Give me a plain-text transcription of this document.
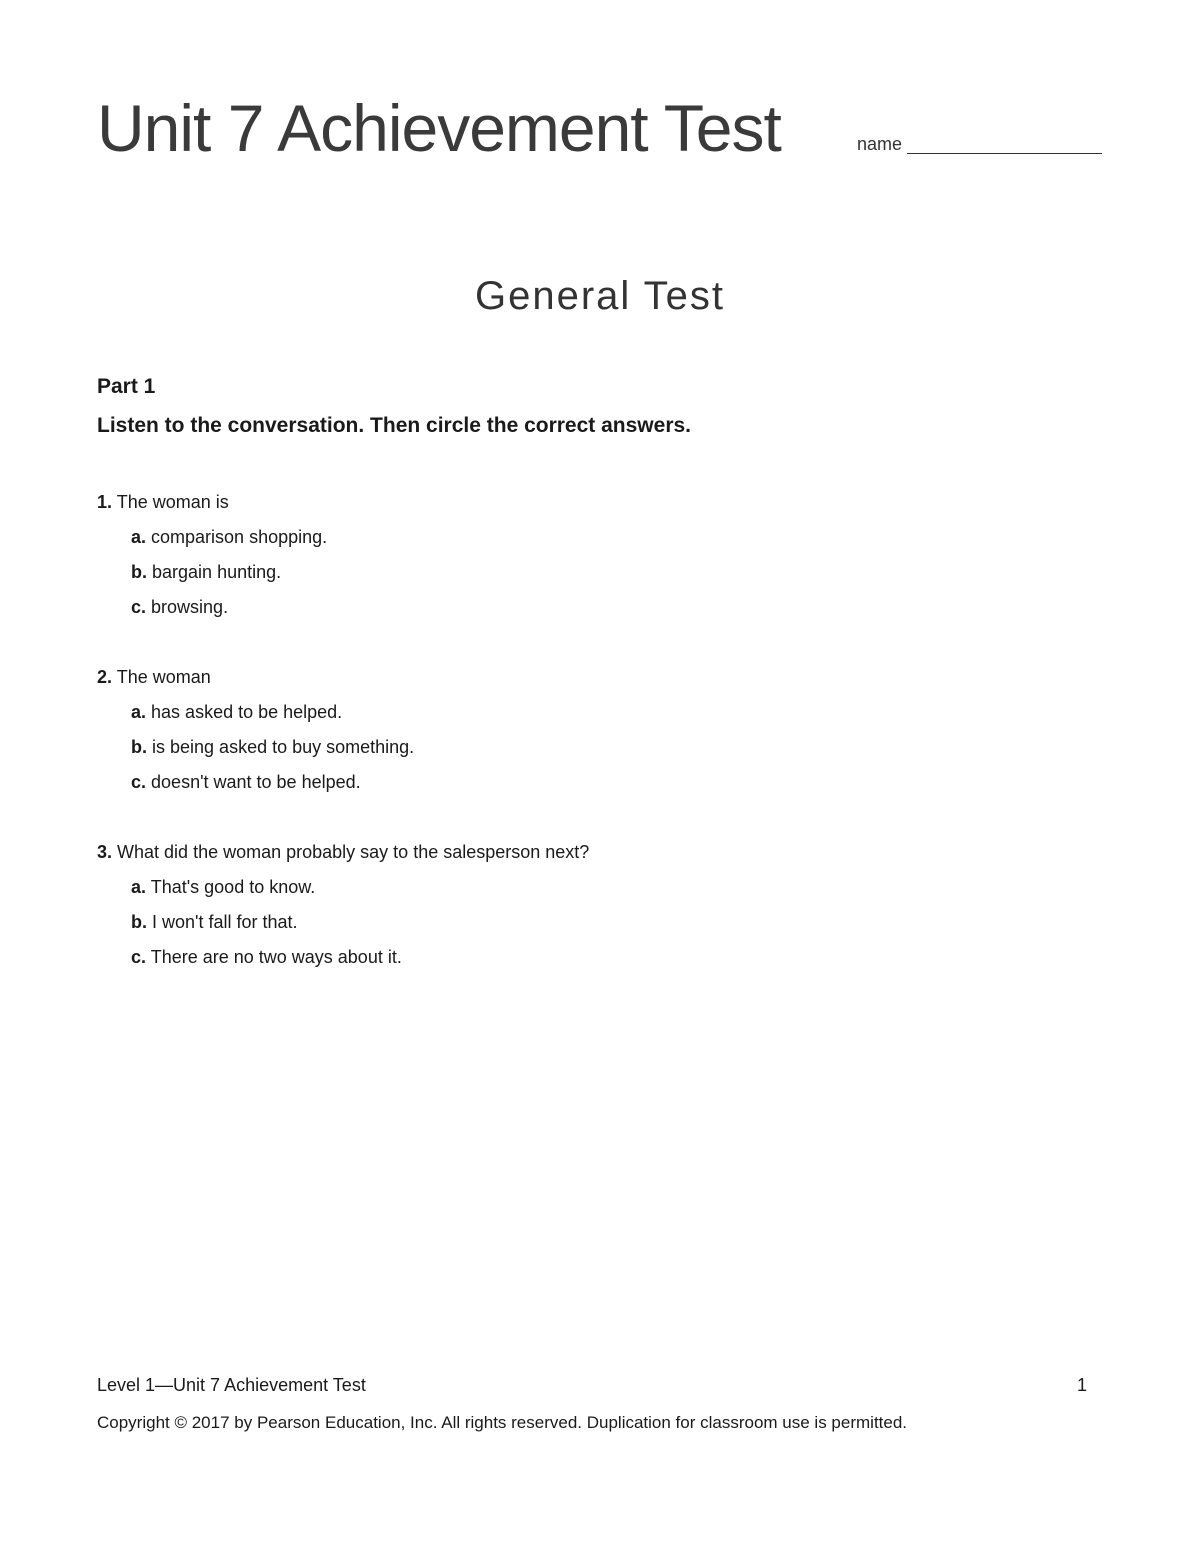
Unit 7 Achievement Test	name
General Test
Part 1
Listen to the conversation. Then circle the correct answers.
1. The woman is
a. comparison shopping.
b. bargain hunting.
c. browsing.
2. The woman
a. has asked to be helped.
b. is being asked to buy something.
c. doesn't want to be helped.
3. What did the woman probably say to the salesperson next?
a. That's good to know.
b. I won't fall for that.
c. There are no two ways about it.
Level 1—Unit 7 Achievement Test	1
Copyright © 2017 by Pearson Education, Inc. All rights reserved. Duplication for classroom use is permitted.
